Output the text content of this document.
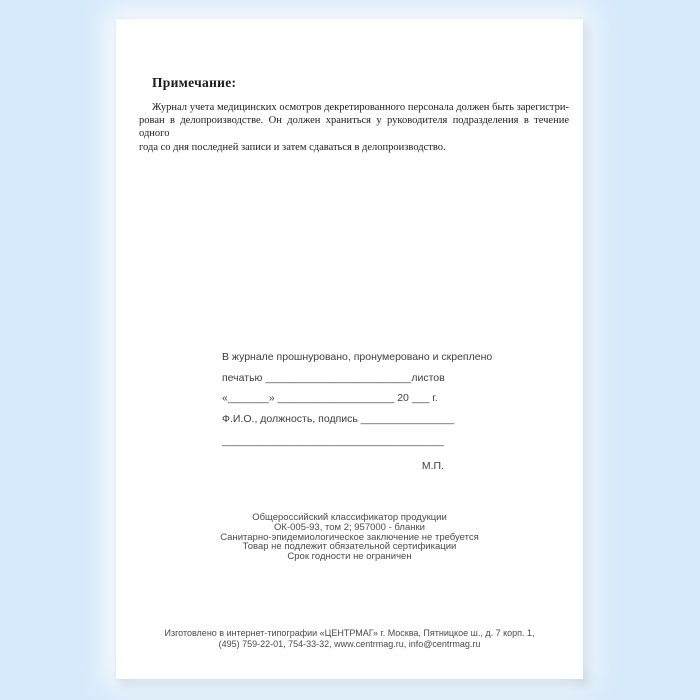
Примечание:
Журнал учета медицинских осмотров декретированного персонала должен быть зарегистри-
рован в делопроизводстве. Он должен храниться у руководителя подразделения в течение одного
года со дня последней записи и затем сдаваться в делопроизводство.
В журнале прошнуровано, пронумеровано и скреплено
печатью _________________________листов
«_______» ____________________ 20 ___ г.
Ф.И.О., должность, подпись ________________
______________________________________
М.П.
Общероссийский классификатор продукции
ОК-005-93, том 2; 957000 - бланки
Санитарно-эпидемиологическое заключение не требуется
Товар не подлежит обязательной сертификации
Срок годности не ограничен
Изготовлено в интернет-типографии «ЦЕНТРМАГ» г. Москва, Пятницкое ш., д. 7 корп. 1,
(495) 759-22-01, 754-33-32, www.centrmag.ru, info@centrmag.ru
